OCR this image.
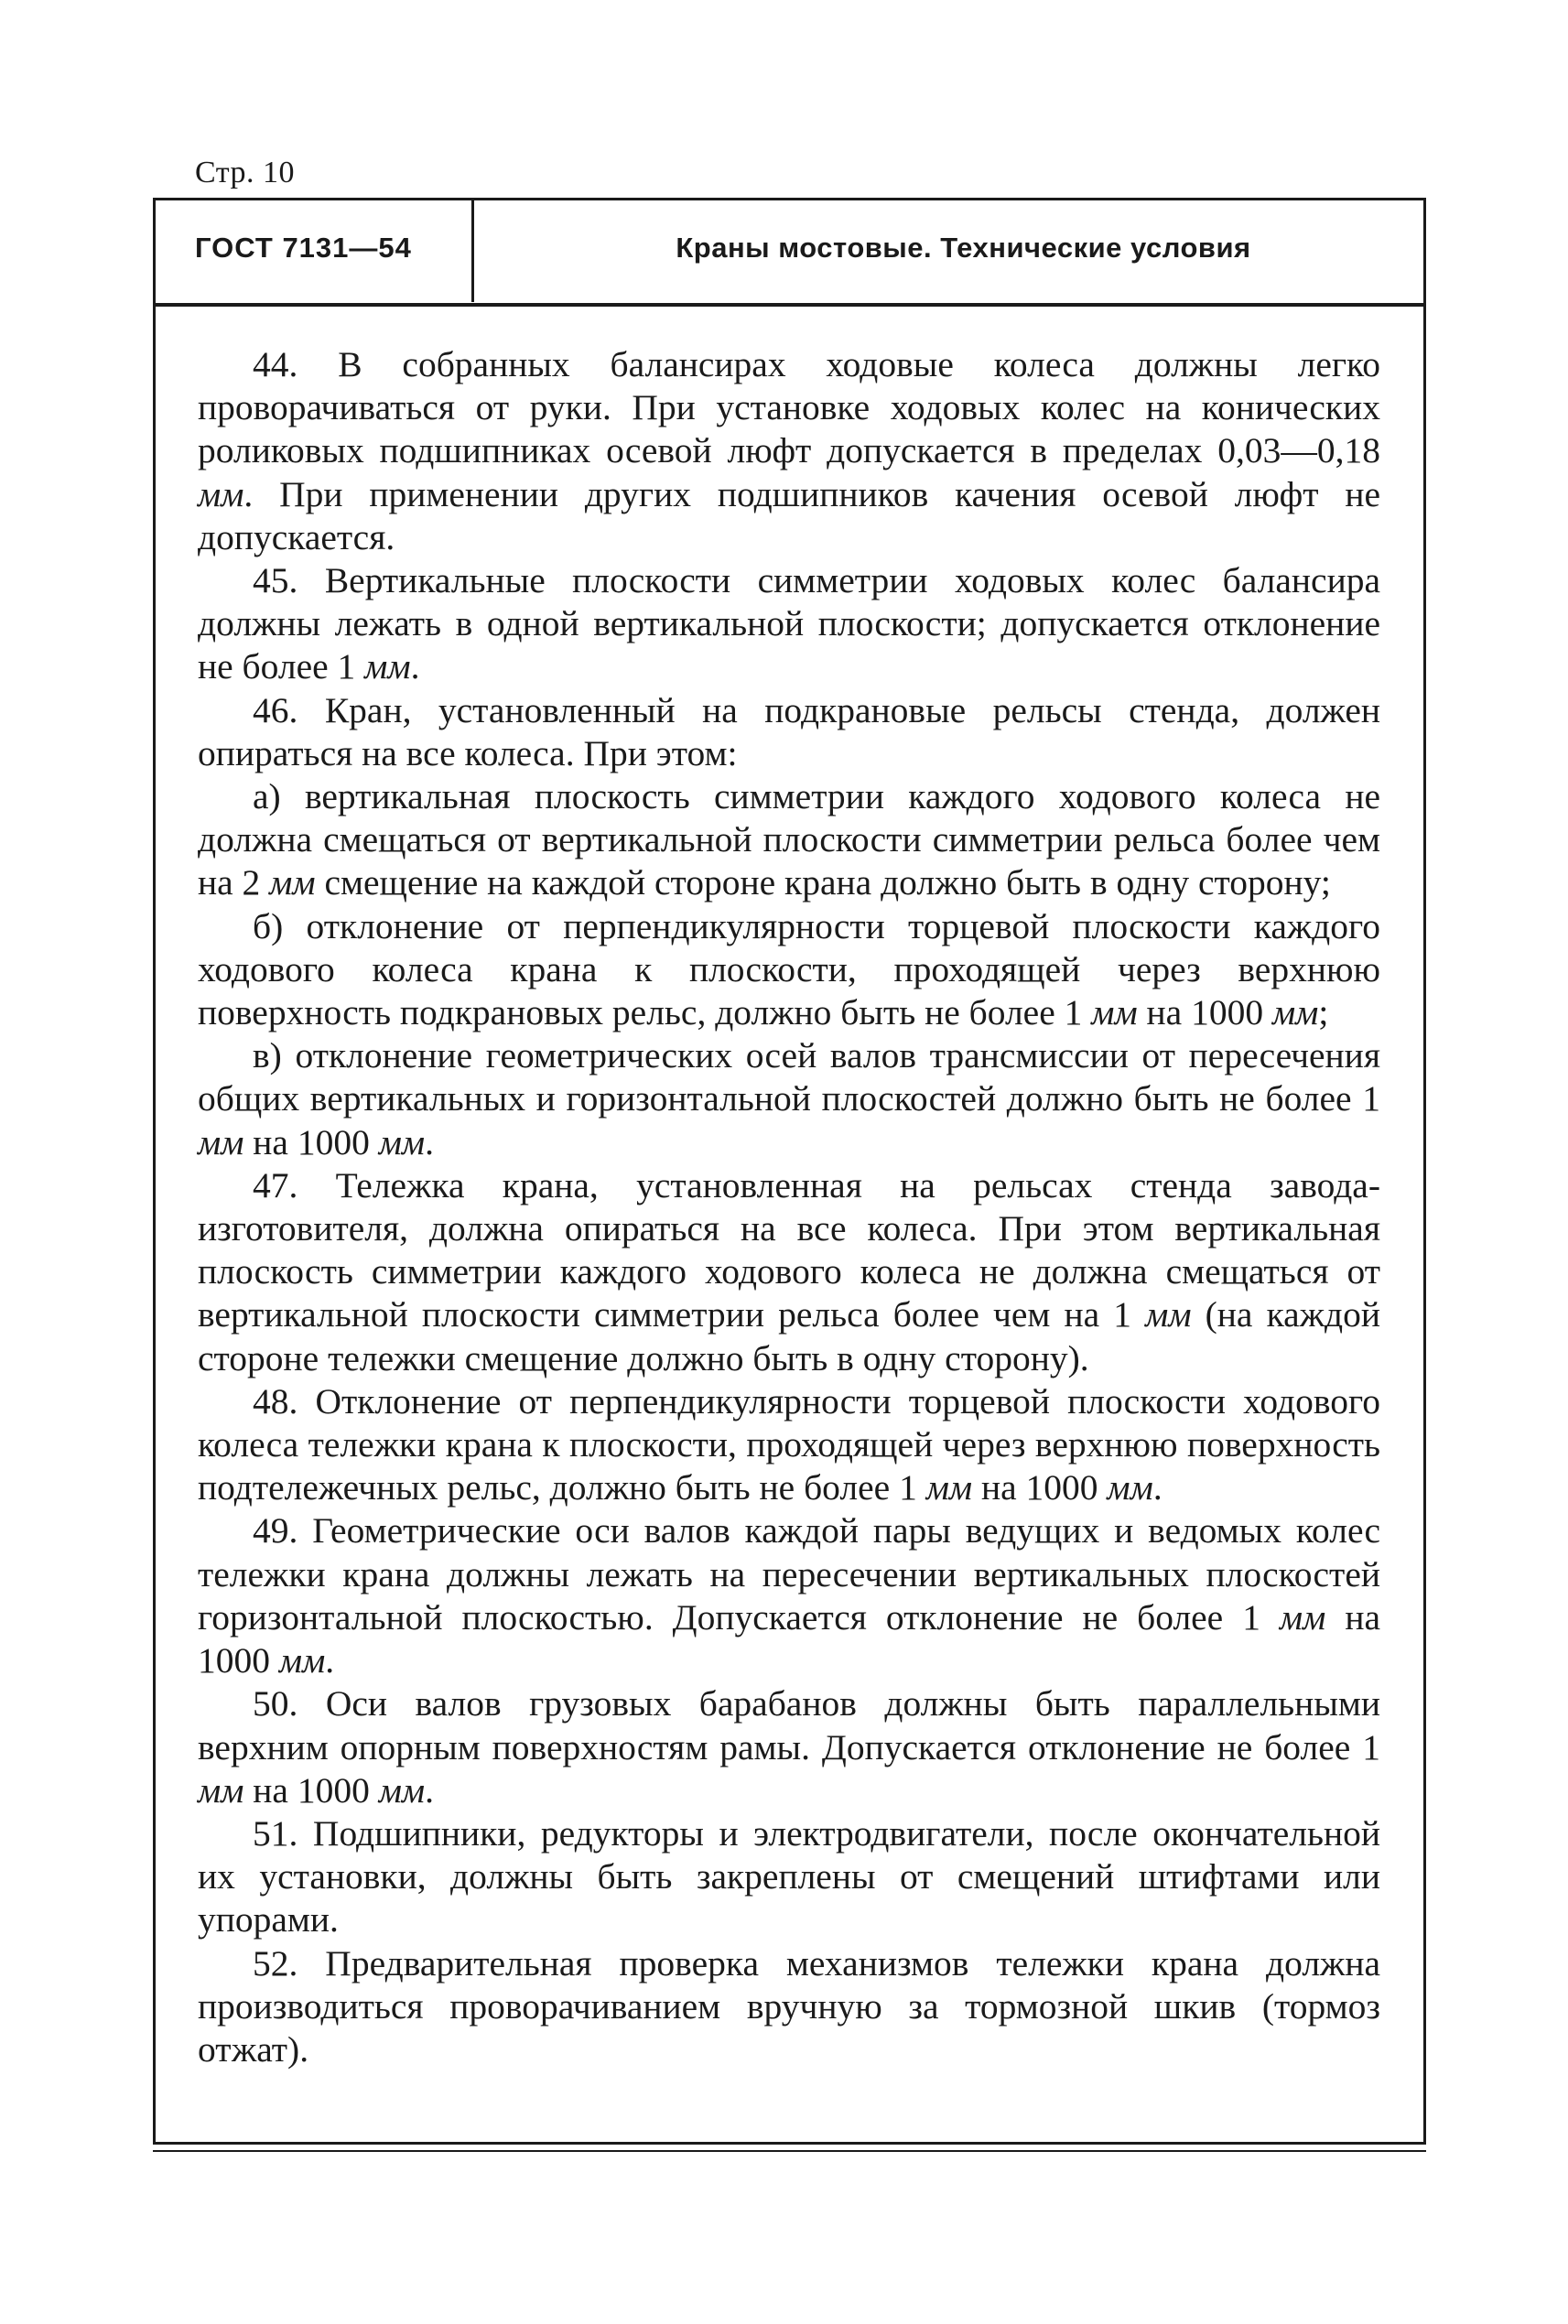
Стр. 10
ГОСТ 7131—54	Краны мостовые. Технические условия

44. В собранных балансирах ходовые колеса должны легко проворачиваться от руки. При установке ходовых колес на конических роликовых подшипниках осевой люфт допускается в пределах 0,03—0,18 мм. При применении других подшипников качения осевой люфт не допускается.

45. Вертикальные плоскости симметрии ходовых колес балансира должны лежать в одной вертикальной плоскости; допускается отклонение не более 1 мм.

46. Кран, установленный на подкрановые рельсы стенда, должен опираться на все колеса. При этом:

а) вертикальная плоскость симметрии каждого ходового колеса не должна смещаться от вертикальной плоскости симметрии рельса более чем на 2 мм смещение на каждой стороне крана должно быть в одну сторону;

б) отклонение от перпендикулярности торцевой плоскости каждого ходового колеса крана к плоскости, проходящей через верхнюю поверхность подкрановых рельс, должно быть не более 1 мм на 1000 мм;

в) отклонение геометрических осей валов трансмиссии от пересечения общих вертикальных и горизонтальной плоскостей должно быть не более 1 мм на 1000 мм.

47. Тележка крана, установленная на рельсах стенда завода-изготовителя, должна опираться на все колеса. При этом вертикальная плоскость симметрии каждого ходового колеса не должна смещаться от вертикальной плоскости симметрии рельса более чем на 1 мм (на каждой стороне тележки смещение должно быть в одну сторону).

48. Отклонение от перпендикулярности торцевой плоскости ходового колеса тележки крана к плоскости, проходящей через верхнюю поверхность подтележечных рельс, должно быть не более 1 мм на 1000 мм.

49. Геометрические оси валов каждой пары ведущих и ведомых колес тележки крана должны лежать на пересечении вертикальных плоскостей горизонтальной плоскостью. Допускается отклонение не более 1 мм на 1000 мм.

50. Оси валов грузовых барабанов должны быть параллельными верхним опорным поверхностям рамы. Допускается отклонение не более 1 мм на 1000 мм.

51. Подшипники, редукторы и электродвигатели, после окончательной их установки, должны быть закреплены от смещений штифтами или упорами.

52. Предварительная проверка механизмов тележки крана должна производиться проворачиванием вручную за тормозной шкив (тормоз отжат).
